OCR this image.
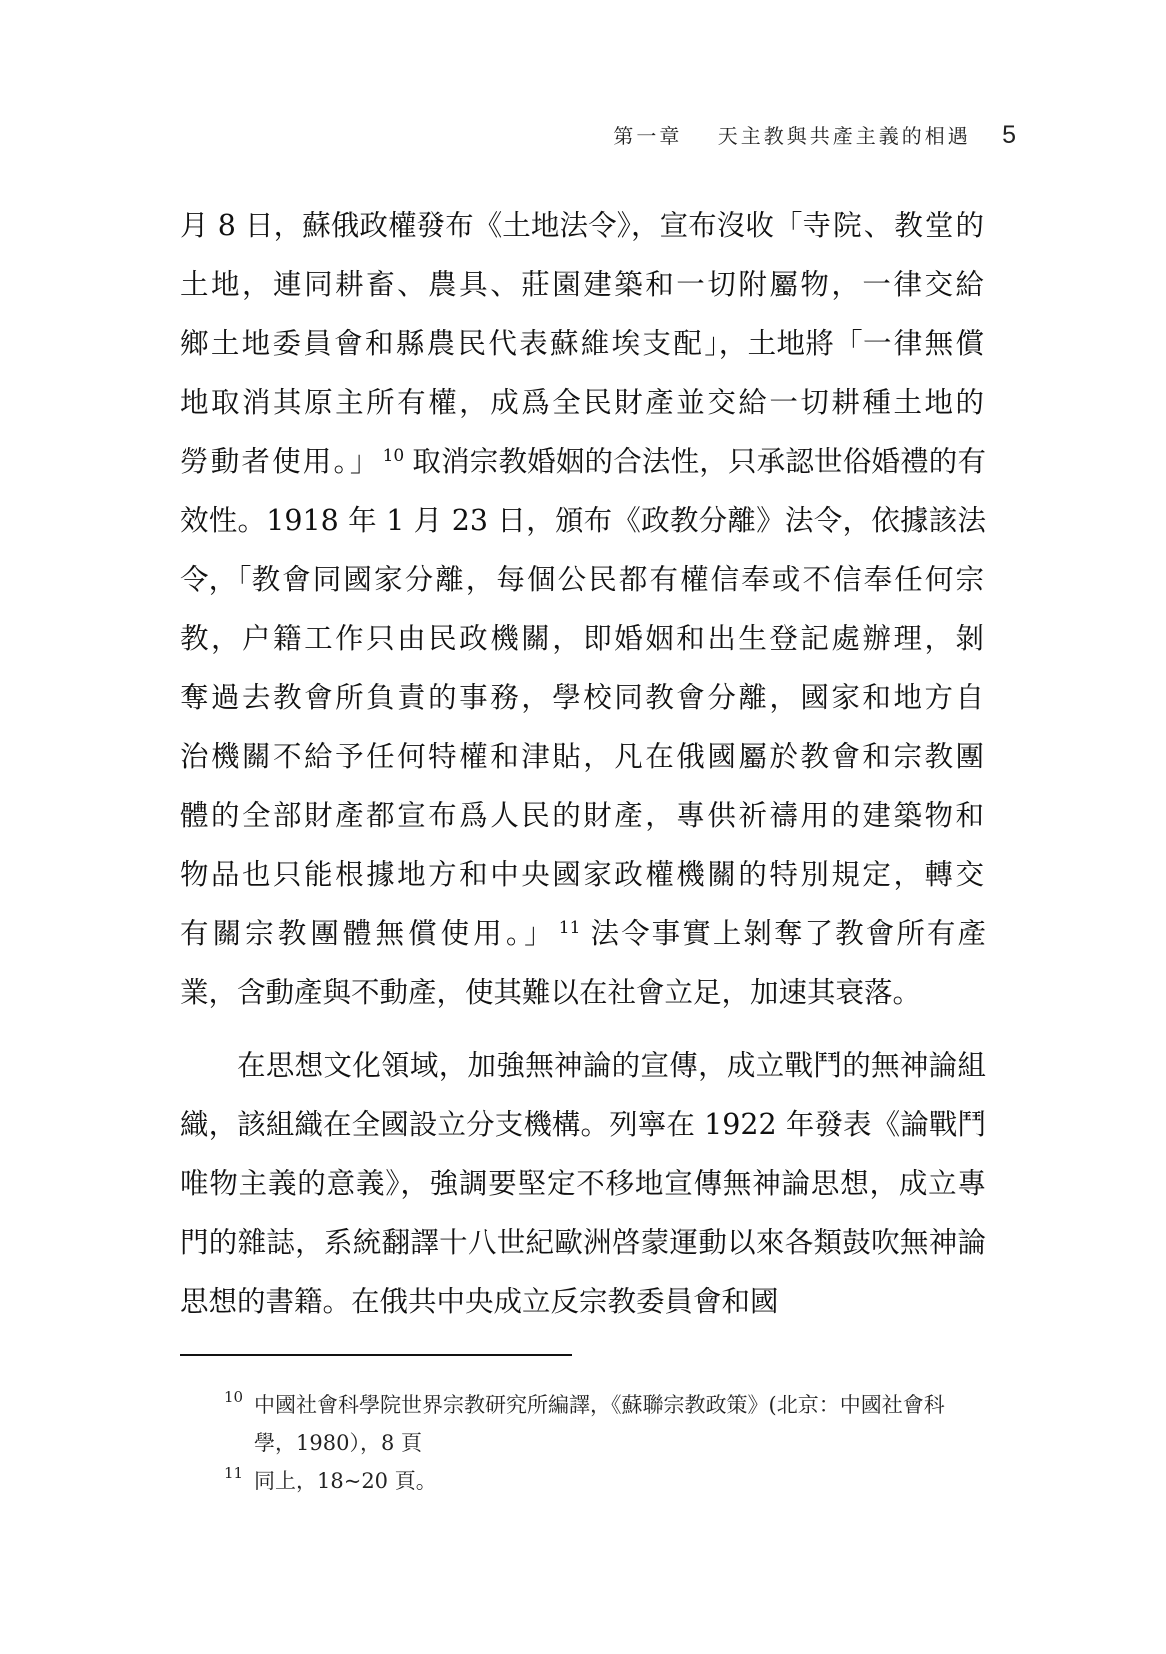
第一章 天主教與共產主義的相遇 5

月 8 日，蘇俄政權發布《土地法令》，宣布沒收「寺院、教堂的土地，連同耕畜、農具、莊園建築和一切附屬物，一律交給鄉土地委員會和縣農民代表蘇維埃支配」，土地將「一律無償地取消其原主所有權，成爲全民財產並交給一切耕種土地的勞動者使用。」 $^{10}$ 取消宗教婚姻的合法性，只承認世俗婚禮的有效性。1918 年 1 月 23 日，頒布《政教分離》法令，依據該法令，「教會同國家分離，每個公民都有權信奉或不信奉任何宗教，户籍工作只由民政機關，即婚姻和出生登記處辦理，剝奪過去教會所負責的事務，學校同教會分離，國家和地方自治機關不給予任何特權和津貼，凡在俄國屬於教會和宗教團體的全部財產都宣布爲人民的財產，專供祈禱用的建築物和物品也只能根據地方和中央國家政權機關的特別規定，轉交有關宗教團體無償使用。」 $^{11}$ 法令事實上剝奪了教會所有產業，含動產與不動產，使其難以在社會立足，加速其衰落。

在思想文化領域，加強無神論的宣傳，成立戰鬥的無神論組織，該組織在全國設立分支機構。列寧在 1922 年發表《論戰鬥唯物主義的意義》，強調要堅定不移地宣傳無神論思想，成立專門的雜誌，系統翻譯十八世紀歐洲啓蒙運動以來各類鼓吹無神論思想的書籍。在俄共中央成立反宗教委員會和國

10 中國社會科學院世界宗教研究所編譯，《蘇聯宗教政策》(北京：中國社會科學，1980），8 頁
11 同上，18~20 頁。
